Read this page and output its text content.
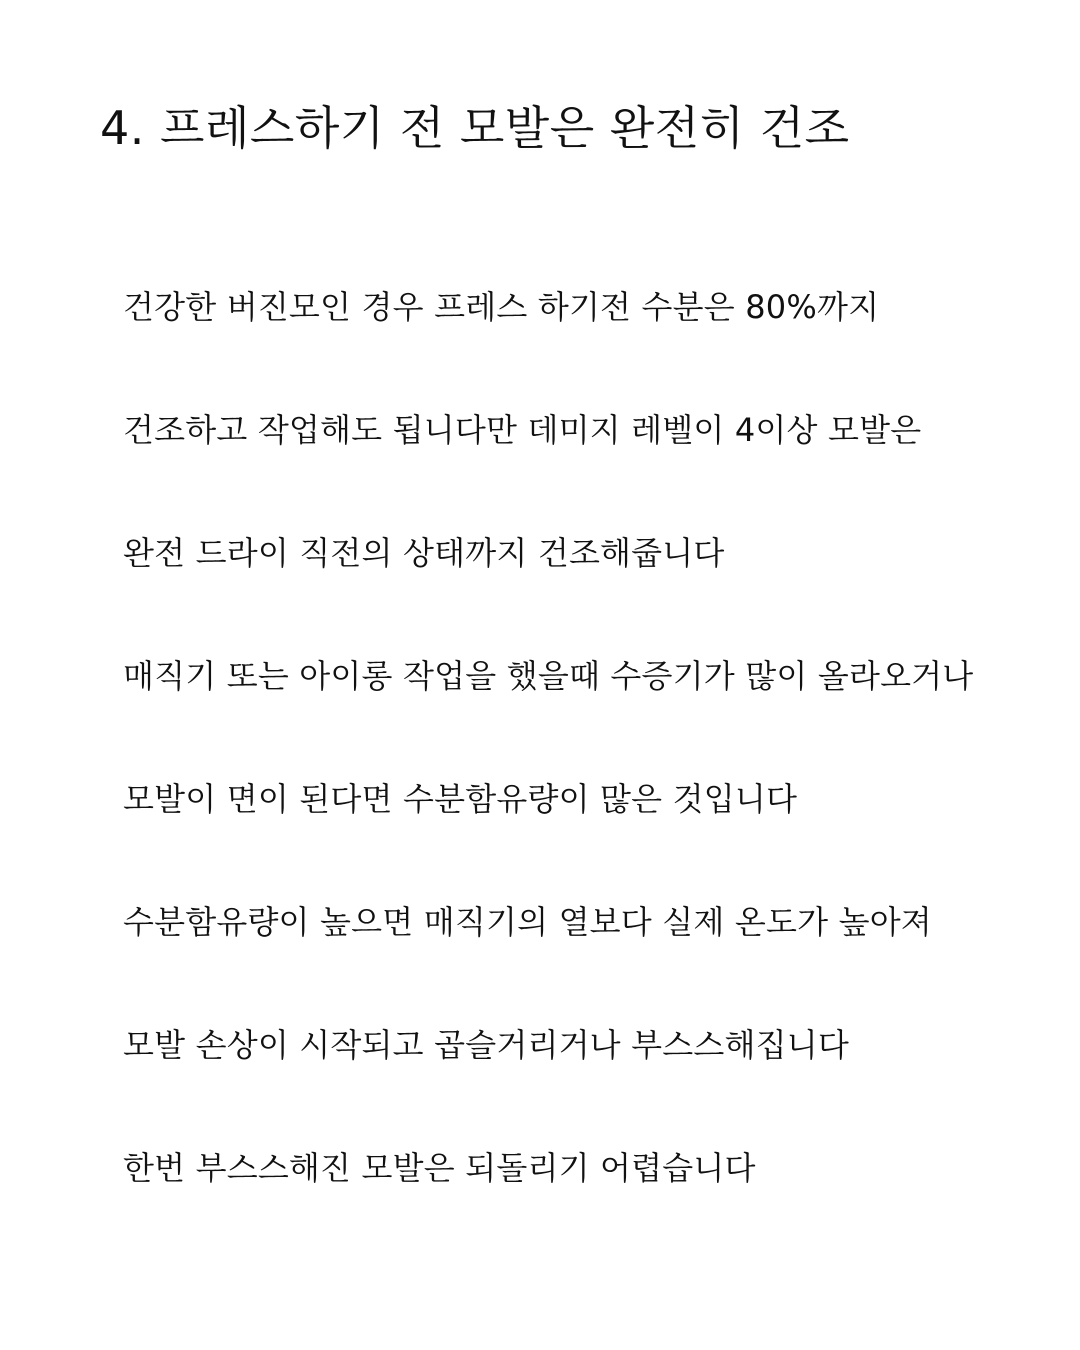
4. 프레스하기 전 모발은 완전히 건조
건강한 버진모인 경우 프레스 하기전 수분은 80%까지
건조하고 작업해도 됩니다만 데미지 레벨이 4이상 모발은
완전 드라이 직전의 상태까지 건조해줍니다
매직기 또는 아이롱 작업을 했을때 수증기가 많이 올라오거나
모발이 면이 된다면 수분함유량이 많은 것입니다
수분함유량이 높으면 매직기의 열보다 실제 온도가 높아져
모발 손상이 시작되고 곱슬거리거나 부스스해집니다
한번 부스스해진 모발은 되돌리기 어렵습니다
